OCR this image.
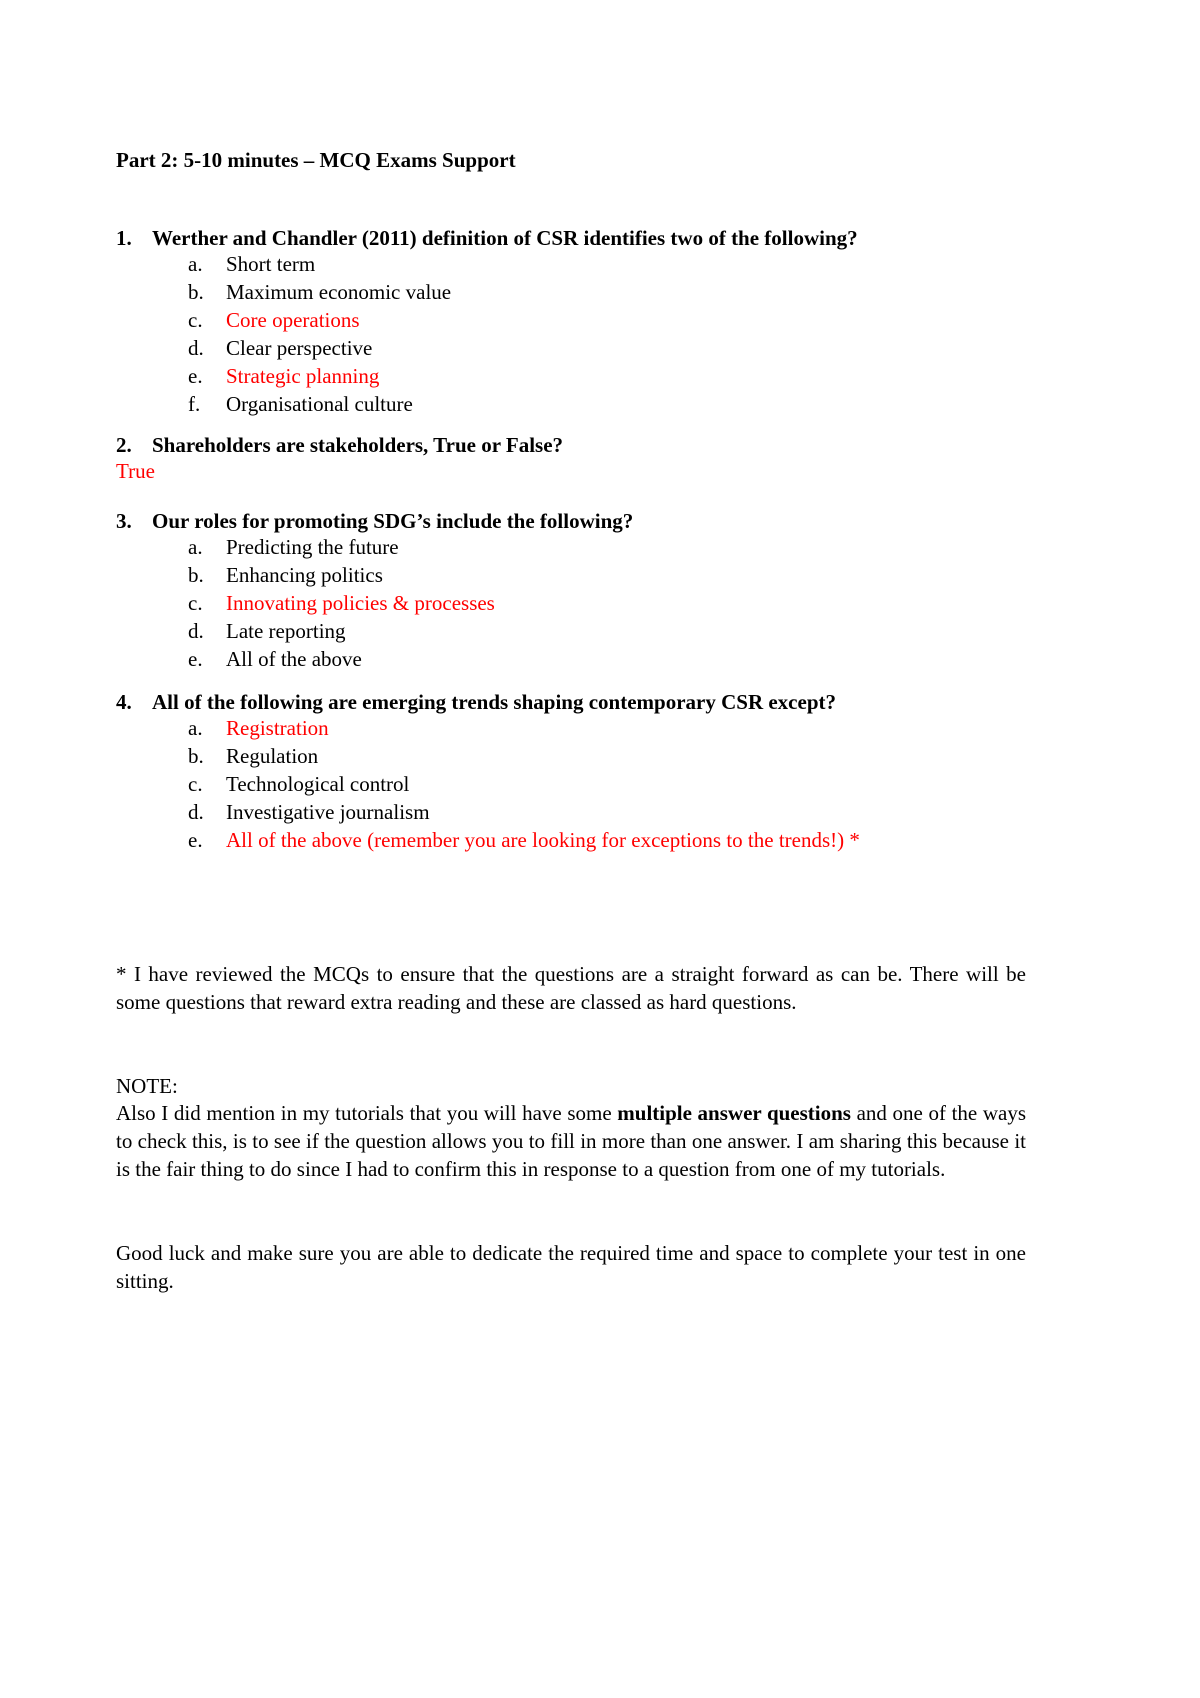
Part 2: 5-10 minutes – MCQ Exams Support
1. Werther and Chandler (2011) definition of CSR identifies two of the following?
a. Short term
b. Maximum economic value
c. Core operations
d. Clear perspective
e. Strategic planning
f. Organisational culture
2. Shareholders are stakeholders, True or False?
True
3. Our roles for promoting SDG’s include the following?
a. Predicting the future
b. Enhancing politics
c. Innovating policies & processes
d. Late reporting
e. All of the above
4. All of the following are emerging trends shaping contemporary CSR except?
a. Registration
b. Regulation
c. Technological control
d. Investigative journalism
e. All of the above (remember you are looking for exceptions to the trends!) *

* I have reviewed the MCQs to ensure that the questions are a straight forward as can be. There will be some questions that reward extra reading and these are classed as hard questions.

NOTE:

Also I did mention in my tutorials that you will have some multiple answer questions and one of the ways to check this, is to see if the question allows you to fill in more than one answer. I am sharing this because it is the fair thing to do since I had to confirm this in response to a question from one of my tutorials.

Good luck and make sure you are able to dedicate the required time and space to complete your test in one sitting.
